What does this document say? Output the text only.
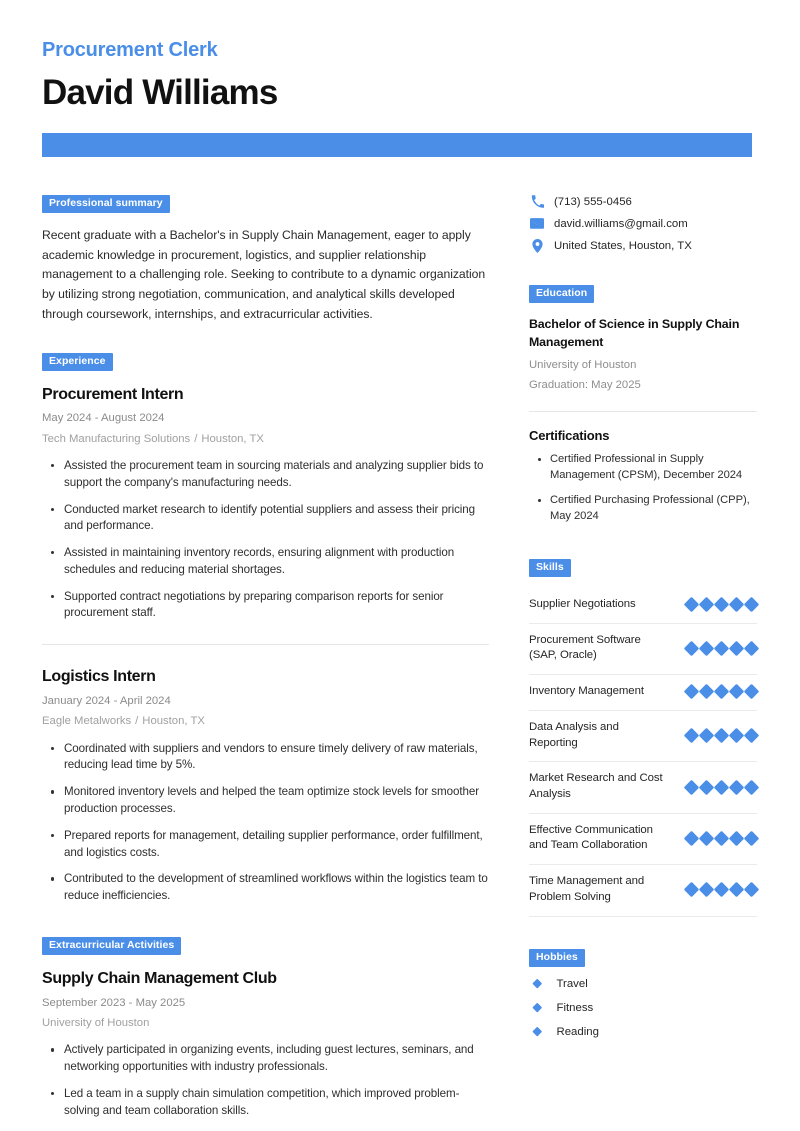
Procurement Clerk
David Williams
Professional summary

Recent graduate with a Bachelor's in Supply Chain Management, eager to apply academic knowledge in procurement, logistics, and supplier relationship management to a challenging role. Seeking to contribute to a dynamic organization by utilizing strong negotiation, communication, and analytical skills developed through coursework, internships, and extracurricular activities.

Experience
Procurement Intern
May 2024 - August 2024
Tech Manufacturing Solutions / Houston, TX
Assisted the procurement team in sourcing materials and analyzing supplier bids to support the company's manufacturing needs.
Conducted market research to identify potential suppliers and assess their pricing and performance.
Assisted in maintaining inventory records, ensuring alignment with production schedules and reducing material shortages.
Supported contract negotiations by preparing comparison reports for senior procurement staff.
Logistics Intern
January 2024 - April 2024
Eagle Metalworks / Houston, TX
Coordinated with suppliers and vendors to ensure timely delivery of raw materials, reducing lead time by 5%.
Monitored inventory levels and helped the team optimize stock levels for smoother production processes.
Prepared reports for management, detailing supplier performance, order fulfillment, and logistics costs.
Contributed to the development of streamlined workflows within the logistics team to reduce inefficiencies.
Extracurricular Activities
Supply Chain Management Club
September 2023 - May 2025
University of Houston
Actively participated in organizing events, including guest lectures, seminars, and networking opportunities with industry professionals.
Led a team in a supply chain simulation competition, which improved problem-solving and team collaboration skills.
(713) 555-0456
david.williams@gmail.com
United States, Houston, TX
Education
Bachelor of Science in Supply Chain Management
University of Houston
Graduation: May 2025
Certifications
Certified Professional in Supply Management (CPSM), December 2024
Certified Purchasing Professional (CPP), May 2024
Skills
Supplier Negotiations
Procurement Software (SAP, Oracle)
Inventory Management
Data Analysis and Reporting
Market Research and Cost Analysis
Effective Communication and Team Collaboration
Time Management and Problem Solving
Hobbies
Travel
Fitness
Reading
